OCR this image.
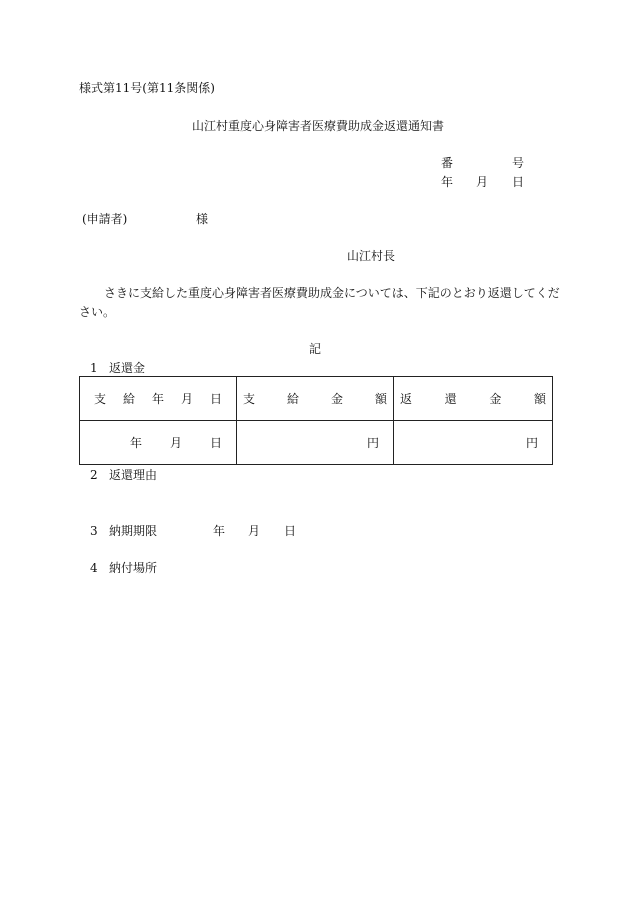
様式第11号(第11条関係)
山江村重度心身障害者医療費助成金返還通知書
番	号
年 月 日
(申請者)	様
山江村長
さきに支給した重度心身障害者医療費助成金については、下記のとおり返還してくだ
さい。
記
1 返還金
支 給 年 月 日	支 給 金 額	返 還 金 額

年 月 日	円	円
2 返還理由
3 納期期限	年 月 日
4 納付場所
